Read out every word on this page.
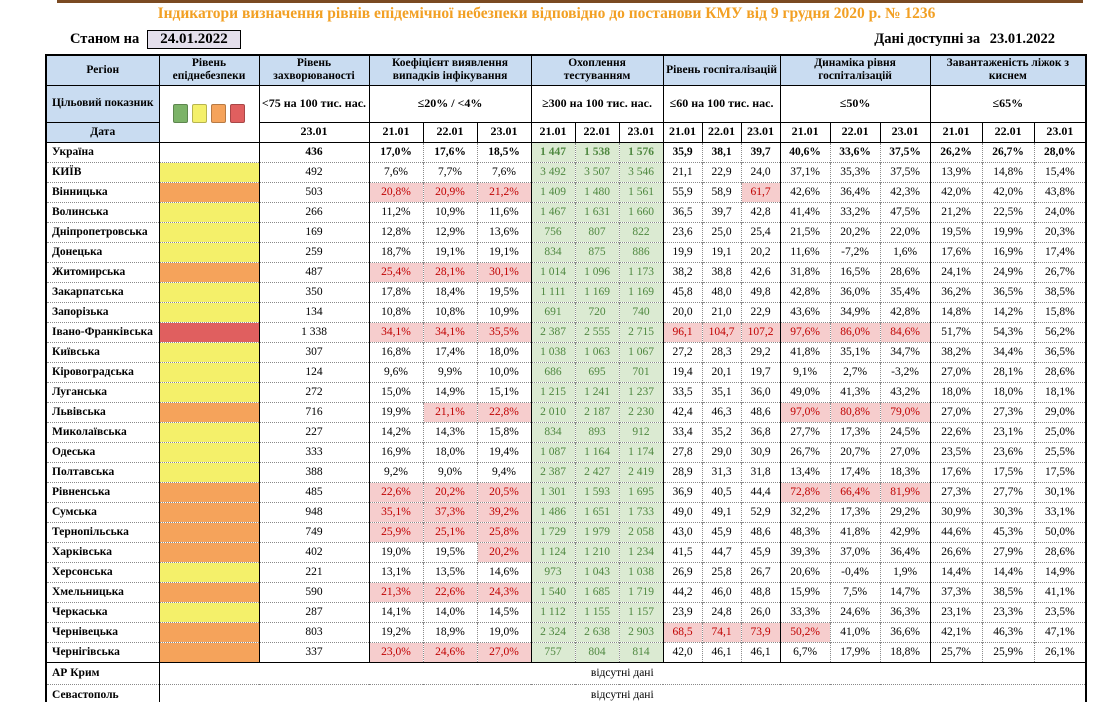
Індикатори визначення рівнів епідемічної небезпеки відповідно до постанови КМУ від 9 грудня 2020 р. № 1236
Станом на	24.01.2022	Дані доступні за 23.01.2022
Регіон	Рівень епіднебезпеки	Рівень захворюваності	Коефіцієнт виявлення випадків інфікування			Охоплення тестуванням			Рівень госпіталізацій			Динаміка рівня госпіталізацій			Завантаженість ліжок з киснем		
Цільовий показник		<75 на 100 тис. нас.	≤20% / <4%			≥300 на 100 тис. нас.			≤60 на 100 тис. нас.			≤50%			≤65%		
Дата		23.01	21.01	22.01	23.01	21.01	22.01	23.01	21.01	22.01	23.01	21.01	22.01	23.01	21.01	22.01	23.01
Україна		436	17,0%	17,6%	18,5%	1 447	1 538	1 576	35,9	38,1	39,7	40,6%	33,6%	37,5%	26,2%	26,7%	28,0%
КИЇВ		492	7,6%	7,7%	7,6%	3 492	3 507	3 546	21,1	22,9	24,0	37,1%	35,3%	37,5%	13,9%	14,8%	15,4%
Вінницька		503	20,8%	20,9%	21,2%	1 409	1 480	1 561	55,9	58,9	61,7	42,6%	36,4%	42,3%	42,0%	42,0%	43,8%
Волинська		266	11,2%	10,9%	11,6%	1 467	1 631	1 660	36,5	39,7	42,8	41,4%	33,2%	47,5%	21,2%	22,5%	24,0%
Дніпропетровська		169	12,8%	12,9%	13,6%	756	807	822	23,6	25,0	25,4	21,5%	20,2%	22,0%	19,5%	19,9%	20,3%
Донецька		259	18,7%	19,1%	19,1%	834	875	886	19,9	19,1	20,2	11,6%	-7,2%	1,6%	17,6%	16,9%	17,4%
Житомирська		487	25,4%	28,1%	30,1%	1 014	1 096	1 173	38,2	38,8	42,6	31,8%	16,5%	28,6%	24,1%	24,9%	26,7%
Закарпатська		350	17,8%	18,4%	19,5%	1 111	1 169	1 169	45,8	48,0	49,8	42,8%	36,0%	35,4%	36,2%	36,5%	38,5%
Запорізька		134	10,8%	10,8%	10,9%	691	720	740	20,0	21,0	22,9	43,6%	34,9%	42,8%	14,8%	14,2%	15,8%
Івано-Франківська		1 338	34,1%	34,1%	35,5%	2 387	2 555	2 715	96,1	104,7	107,2	97,6%	86,0%	84,6%	51,7%	54,3%	56,2%
Київська		307	16,8%	17,4%	18,0%	1 038	1 063	1 067	27,2	28,3	29,2	41,8%	35,1%	34,7%	38,2%	34,4%	36,5%
Кіровоградська		124	9,6%	9,9%	10,0%	686	695	701	19,4	20,1	19,7	9,1%	2,7%	-3,2%	27,0%	28,1%	28,6%
Луганська		272	15,0%	14,9%	15,1%	1 215	1 241	1 237	33,5	35,1	36,0	49,0%	41,3%	43,2%	18,0%	18,0%	18,1%
Львівська		716	19,9%	21,1%	22,8%	2 010	2 187	2 230	42,4	46,3	48,6	97,0%	80,8%	79,0%	27,0%	27,3%	29,0%
Миколаївська		227	14,2%	14,3%	15,8%	834	893	912	33,4	35,2	36,8	27,7%	17,3%	24,5%	22,6%	23,1%	25,0%
Одеська		333	16,9%	18,0%	19,4%	1 087	1 164	1 174	27,8	29,0	30,9	26,7%	20,7%	27,0%	23,5%	23,6%	25,5%
Полтавська		388	9,2%	9,0%	9,4%	2 387	2 427	2 419	28,9	31,3	31,8	13,4%	17,4%	18,3%	17,6%	17,5%	17,5%
Рівненська		485	22,6%	20,2%	20,5%	1 301	1 593	1 695	36,9	40,5	44,4	72,8%	66,4%	81,9%	27,3%	27,7%	30,1%
Сумська		948	35,1%	37,3%	39,2%	1 486	1 651	1 733	49,0	49,1	52,9	32,2%	17,3%	29,2%	30,9%	30,3%	33,1%
Тернопільська		749	25,9%	25,1%	25,8%	1 729	1 979	2 058	43,0	45,9	48,6	48,3%	41,8%	42,9%	44,6%	45,3%	50,0%
Харківська		402	19,0%	19,5%	20,2%	1 124	1 210	1 234	41,5	44,7	45,9	39,3%	37,0%	36,4%	26,6%	27,9%	28,6%
Херсонська		221	13,1%	13,5%	14,6%	973	1 043	1 038	26,9	25,8	26,7	20,6%	-0,4%	1,9%	14,4%	14,4%	14,9%
Хмельницька		590	21,3%	22,6%	24,3%	1 540	1 685	1 719	44,2	46,0	48,8	15,9%	7,5%	14,7%	37,3%	38,5%	41,1%
Черкаська		287	14,1%	14,0%	14,5%	1 112	1 155	1 157	23,9	24,8	26,0	33,3%	24,6%	36,3%	23,1%	23,3%	23,5%
Чернівецька		803	19,2%	18,9%	19,0%	2 324	2 638	2 903	68,5	74,1	73,9	50,2%	41,0%	36,6%	42,1%	46,3%	47,1%
Чернігівська		337	23,0%	24,6%	27,0%	757	804	814	42,0	46,1	46,1	6,7%	17,9%	18,8%	25,7%	25,9%	26,1%
АР Крим	відсутні дані																
Севастополь	відсутні дані																
